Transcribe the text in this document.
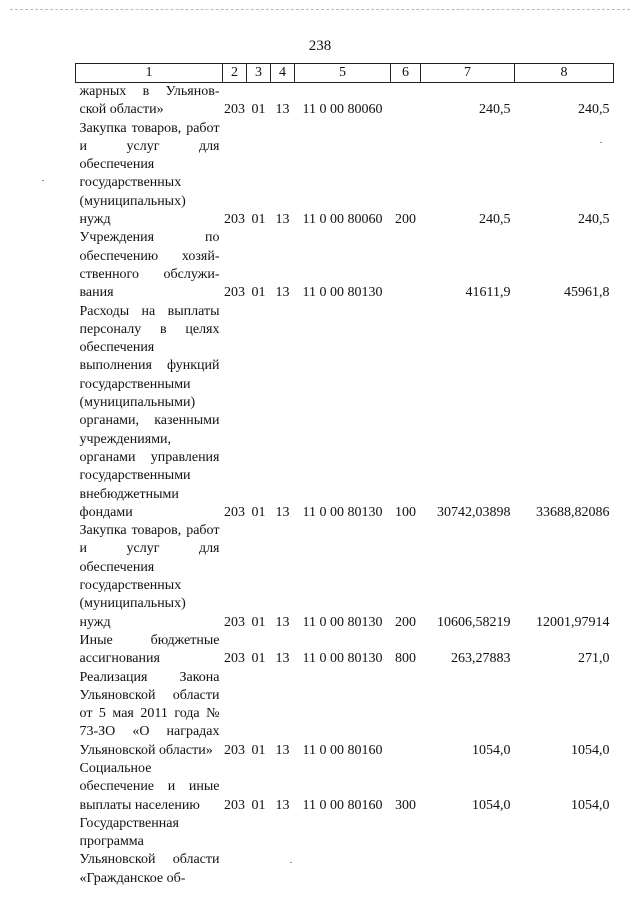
238
1	2	3	4	5	6	7	8
жарных в Ульянов-ской области»	203	01	13	11 0 00 80060		240,5	240,5
Закупка товаров, работ и услуг для обеспечения государственных (муниципальных) нужд	203	01	13	11 0 00 80060	200	240,5	240,5
Учреждения по обеспечению хозяй-ственного обслужи-вания	203	01	13	11 0 00 80130		41611,9	45961,8
Расходы на выплаты персоналу в целях обеспечения выполнения функций государственными (муниципальными) органами, казенными учреждениями, органами управления государственными внебюджетными фондами	203	01	13	11 0 00 80130	100	30742,03898	33688,82086
Закупка товаров, работ и услуг для обеспечения государственных (муниципальных) нужд	203	01	13	11 0 00 80130	200	10606,58219	12001,97914
Иные бюджетные ассигнования	203	01	13	11 0 00 80130	800	263,27883	271,0
Реализация Закона Ульяновской области от 5 мая 2011 года № 73-ЗО «О наградах Ульяновской области»	203	01	13	11 0 00 80160		1054,0	1054,0
Социальное обеспечение и иные выплаты населению	203	01	13	11 0 00 80160	300	1054,0	1054,0
Государственная программа Ульяновской области «Гражданское об-							
